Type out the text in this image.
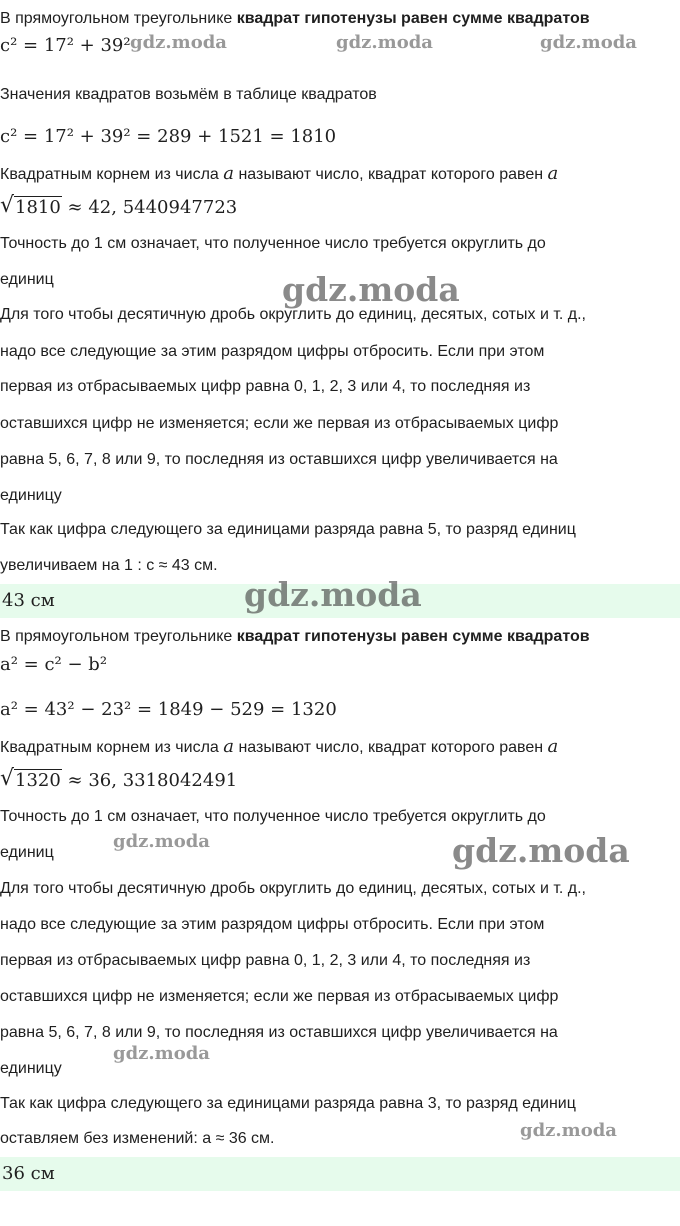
В прямоугольном треугольнике квадрат гипотенузы равен сумме квадратов
c² = 17² + 39²
Значения квадратов возьмём в таблице квадратов
c² = 17² + 39² = 289 + 1521 = 1810
Квадратным корнем из числа a называют число, квадрат которого равен a
√ 1810 ≈ 42, 5440947723
Точность до 1 см означает, что полученное число требуется округлить до
единиц
Для того чтобы десятичную дробь округлить до единиц, десятых, сотых и т. д.,
надо все следующие за этим разрядом цифры отбросить. Если при этом
первая из отбрасываемых цифр равна 0, 1, 2, 3 или 4, то последняя из
оставшихся цифр не изменяется; если же первая из отбрасываемых цифр
равна 5, 6, 7, 8 или 9, то последняя из оставшихся цифр увеличивается на
единицу
Так как цифра следующего за единицами разряда равна 5, то разряд единиц
увеличиваем на 1 : c ≈ 43 см.
43 см
В прямоугольном треугольнике квадрат гипотенузы равен сумме квадратов
a² = c² − b²
a² = 43² − 23² = 1849 − 529 = 1320
Квадратным корнем из числа a называют число, квадрат которого равен a
√ 1320 ≈ 36, 3318042491
Точность до 1 см означает, что полученное число требуется округлить до
единиц
Для того чтобы десятичную дробь округлить до единиц, десятых, сотых и т. д.,
надо все следующие за этим разрядом цифры отбросить. Если при этом
первая из отбрасываемых цифр равна 0, 1, 2, 3 или 4, то последняя из
оставшихся цифр не изменяется; если же первая из отбрасываемых цифр
равна 5, 6, 7, 8 или 9, то последняя из оставшихся цифр увеличивается на
единицу
Так как цифра следующего за единицами разряда равна 3, то разряд единиц
оставляем без изменений: a ≈ 36 см.
36 см
gdz.moda	gdz.moda	gdz.moda
gdz.moda
gdz.moda
gdz.moda	gdz.moda
gdz.moda
gdz.moda
